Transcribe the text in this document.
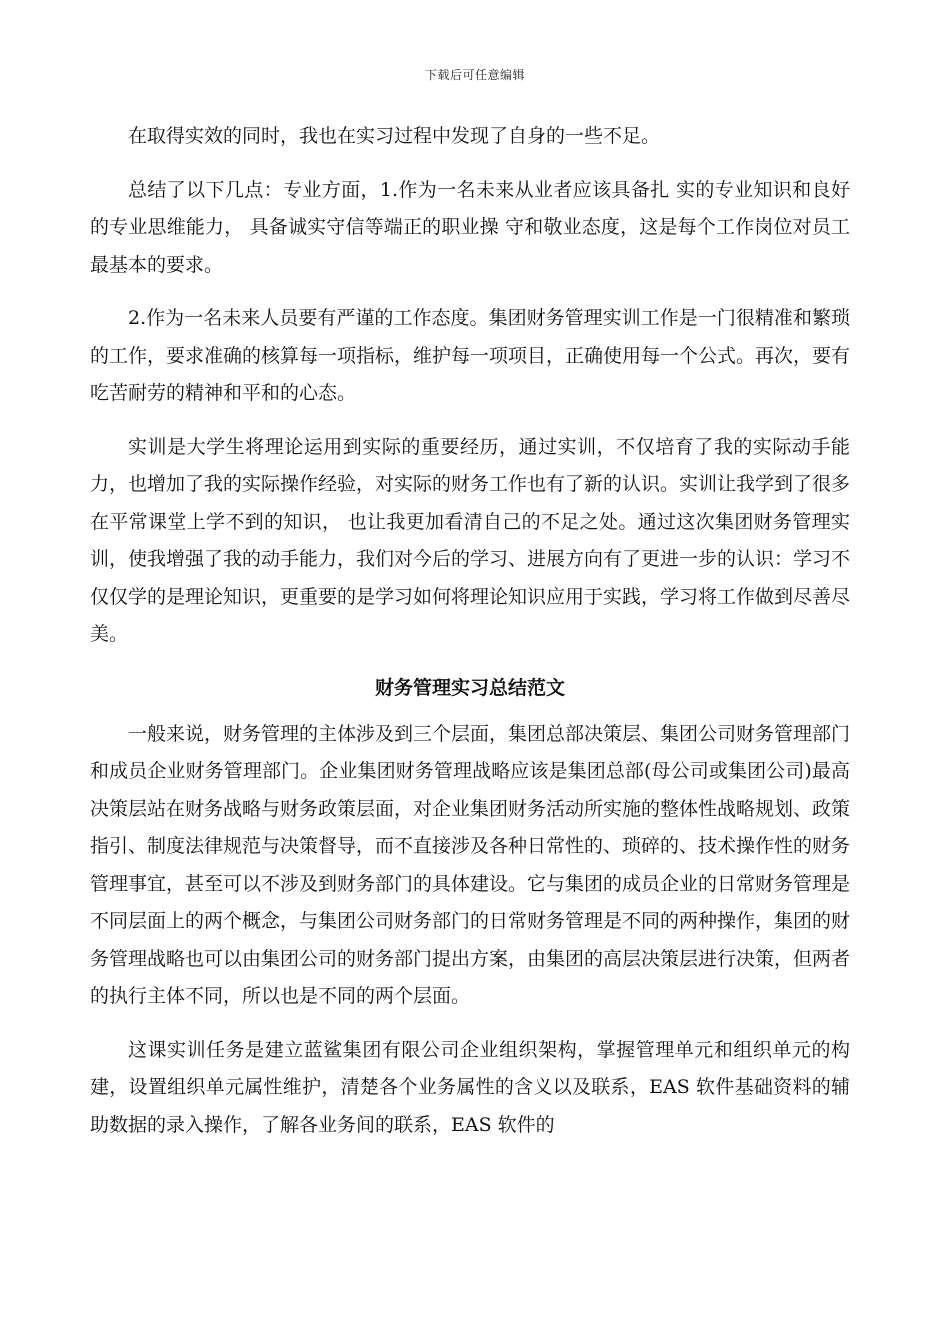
下载后可任意编辑

在取得实效的同时，我也在实习过程中发现了自身的一些不足。

总结了以下几点：专业方面，1.作为一名未来从业者应该具备扎 实的专业知识和良好的专业思维能力， 具备诚实守信等端正的职业操 守和敬业态度，这是每个工作岗位对员工最基本的要求。

2.作为一名未来人员要有严谨的工作态度。集团财务管理实训工作是一门很精准和繁琐的工作，要求准确的核算每一项指标，维护每一项项目，正确使用每一个公式。再次，要有吃苦耐劳的精神和平和的心态。

实训是大学生将理论运用到实际的重要经历，通过实训，不仅培育了我的实际动手能力，也增加了我的实际操作经验，对实际的财务工作也有了新的认识。实训让我学到了很多在平常课堂上学不到的知识， 也让我更加看清自己的不足之处。通过这次集团财务管理实训，使我增强了我的动手能力，我们对今后的学习、进展方向有了更进一步的认识：学习不仅仅学的是理论知识，更重要的是学习如何将理论知识应用于实践，学习将工作做到尽善尽美。

财务管理实习总结范文

一般来说，财务管理的主体涉及到三个层面，集团总部决策层、集团公司财务管理部门和成员企业财务管理部门。企业集团财务管理战略应该是集团总部(母公司或集团公司)最高决策层站在财务战略与财务政策层面，对企业集团财务活动所实施的整体性战略规划、政策指引、制度法律规范与决策督导，而不直接涉及各种日常性的、琐碎的、技术操作性的财务管理事宜，甚至可以不涉及到财务部门的具体建设。它与集团的成员企业的日常财务管理是不同层面上的两个概念，与集团公司财务部门的日常财务管理是不同的两种操作，集团的财务管理战略也可以由集团公司的财务部门提出方案，由集团的高层决策层进行决策，但两者的执行主体不同，所以也是不同的两个层面。

这课实训任务是建立蓝鲨集团有限公司企业组织架构，掌握管理单元和组织单元的构建，设置组织单元属性维护，清楚各个业务属性的含义以及联系，EAS 软件基础资料的辅助数据的录入操作，了解各业务间的联系，EAS 软件的
